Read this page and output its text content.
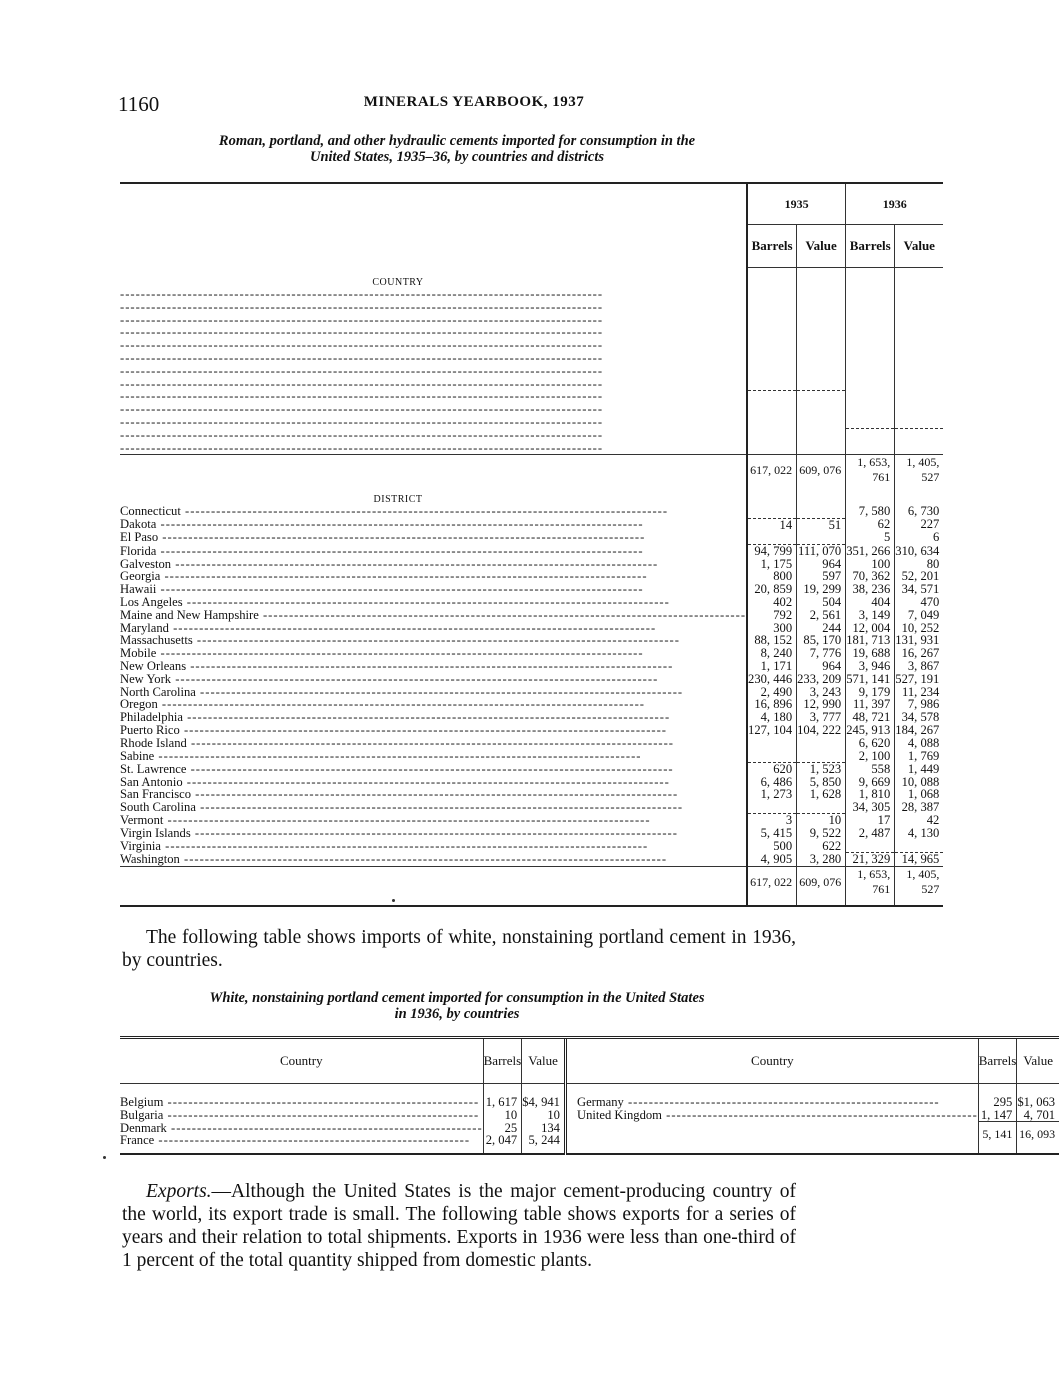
1160	MINERALS YEARBOOK, 1937
Roman, portland, and other hydraulic cements imported for consumption in the
United States, 1935–36, by countries and districts
	1935		1936	
	Barrels	Value	Barrels	Value
COUNTRY				

-----

-----

-----

-----

-----

-----

-----

-----

-----

-----

-----

-----

-----

	617, 022	609, 076	1, 653, 761	1, 405, 527
DISTRICT				

Connecticut -----			7, 580	6, 730

Dakota -----	14	51	62	227

El Paso -----			5	6

Florida -----	94, 799	111, 070	351, 266	310, 634

Galveston -----	1, 175	964	100	80

Georgia -----	800	597	70, 362	52, 201

Hawaii -----	20, 859	19, 299	38, 236	34, 571

Los Angeles -----	402	504	404	470

Maine and New Hampshire -----	792	2, 561	3, 149	7, 049

Maryland -----	300	244	12, 004	10, 252

Massachusetts -----	88, 152	85, 170	181, 713	131, 931

Mobile -----	8, 240	7, 776	19, 688	16, 267

New Orleans -----	1, 171	964	3, 946	3, 867

New York -----	230, 446	233, 209	571, 141	527, 191

North Carolina -----	2, 490	3, 243	9, 179	11, 234

Oregon -----	16, 896	12, 990	11, 397	7, 986

Philadelphia -----	4, 180	3, 777	48, 721	34, 578

Puerto Rico -----	127, 104	104, 222	245, 913	184, 267

Rhode Island -----			6, 620	4, 088

Sabine -----			2, 100	1, 769

St. Lawrence -----	620	1, 523	558	1, 449

San Antonio -----	6, 486	5, 850	9, 669	10, 088

San Francisco -----	1, 273	1, 628	1, 810	1, 068

South Carolina -----			34, 305	28, 387

Vermont -----	3	10	17	42

Virgin Islands -----	5, 415	9, 522	2, 487	4, 130

Virginia -----	500	622		

Washington -----	4, 905	3, 280	21, 329	14, 965
	617, 022	609, 076	1, 653, 761	1, 405, 527

The following table shows imports of white, nonstaining portland cement in 1936, by countries.
White, nonstaining portland cement imported for consumption in the United States
in 1936, by countries

Country	Barrels	Value	Country	Barrels	Value

Belgium -----	1, 617	$4, 941	Germany -----	295	$1, 063

Bulgaria -----	10	10	United Kingdom -----	1, 147	4, 701

Denmark -----	25	134		5, 141	16, 093

France -----	2, 047	5, 244			

Exports.—Although the United States is the major cement-producing country of the world, its export trade is small. The following table shows exports for a series of years and their relation to total shipments. Exports in 1936 were less than one-third of 1 percent of the total quantity shipped from domestic plants.
